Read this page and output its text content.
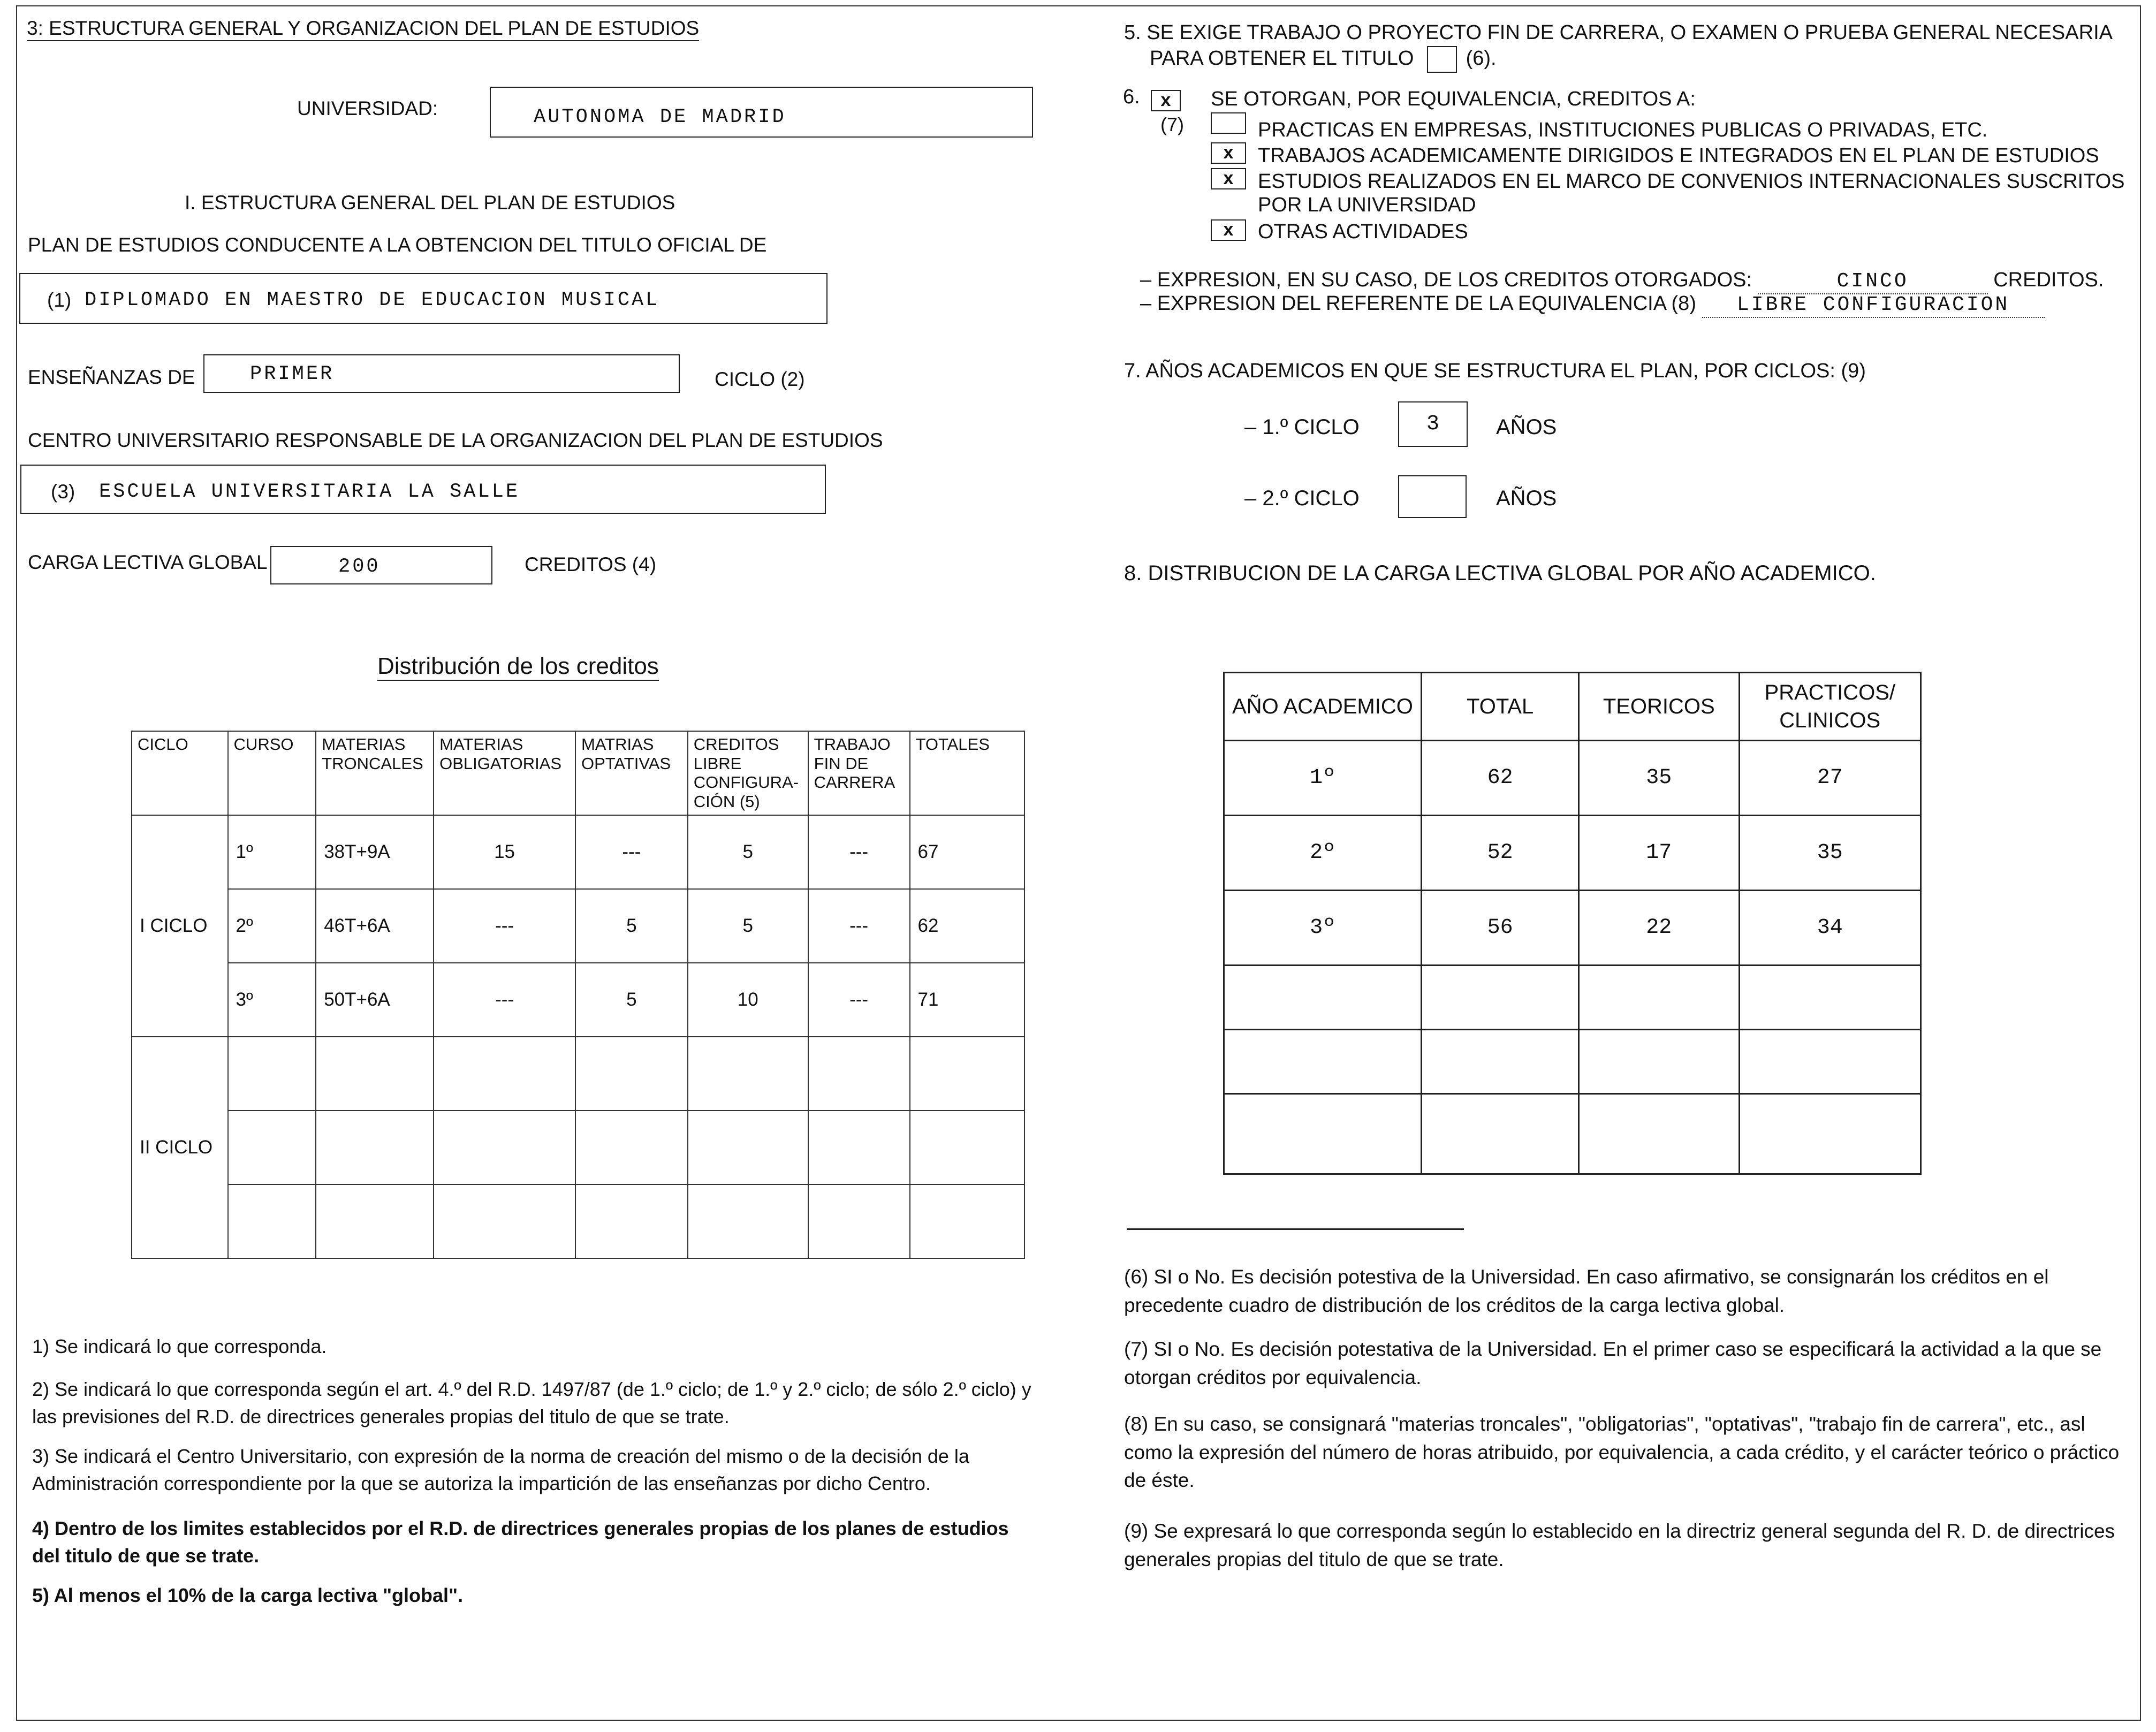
3: ESTRUCTURA GENERAL Y ORGANIZACION DEL PLAN DE ESTUDIOS
UNIVERSIDAD:	AUTONOMA DE MADRID
I. ESTRUCTURA GENERAL DEL PLAN DE ESTUDIOS
PLAN DE ESTUDIOS CONDUCENTE A LA OBTENCION DEL TITULO OFICIAL DE
(1) DIPLOMADO EN MAESTRO DE EDUCACION MUSICAL
ENSEÑANZAS DE	PRIMER	CICLO (2)
CENTRO UNIVERSITARIO RESPONSABLE DE LA ORGANIZACION DEL PLAN DE ESTUDIOS
(3) ESCUELA UNIVERSITARIA LA SALLE
CARGA LECTIVA GLOBAL	200	CREDITOS (4)
Distribución de los creditos
CICLO	CURSO	MATERIAS TRONCALES	MATERIAS OBLIGATORIAS	MATRIAS OPTATIVAS	CREDITOS LIBRE CONFIGURA- CIÓN (5)	TRABAJO FIN DE CARRERA	TOTALES
I CICLO	1º	38T+9A	15	---	5	---	67
	2º	46T+6A	---	5	5	---	62
	3º	50T+6A	---	5	10	---	71
II CICLO							

1) Se indicará lo que corresponda.
2) Se indicará lo que corresponda según el art. 4.º del R.D. 1497/87 (de 1.º ciclo; de 1.º y 2.º ciclo; de sólo 2.º ciclo) y las previsiones del R.D. de directrices generales propias del titulo de que se trate.
3) Se indicará el Centro Universitario, con expresión de la norma de creación del mismo o de la decisión de la Administración correspondiente por la que se autoriza la impartición de las enseñanzas por dicho Centro.
4) Dentro de los limites establecidos por el R.D. de directrices generales propias de los planes de estudios del titulo de que se trate.
5) Al menos el 10% de la carga lectiva "global".
5. SE EXIGE TRABAJO O PROYECTO FIN DE CARRERA, O EXAMEN O PRUEBA GENERAL NECESARIA
PARA OBTENER EL TITULO	(6).
6.	x
(7)
SE OTORGAN, POR EQUIVALENCIA, CREDITOS A:
PRACTICAS EN EMPRESAS, INSTITUCIONES PUBLICAS O PRIVADAS, ETC.
x	TRABAJOS ACADEMICAMENTE DIRIGIDOS E INTEGRADOS EN EL PLAN DE ESTUDIOS
x	ESTUDIOS REALIZADOS EN EL MARCO DE CONVENIOS INTERNACIONALES SUSCRITOS
POR LA UNIVERSIDAD
x	OTRAS ACTIVIDADES
– EXPRESION, EN SU CASO, DE LOS CREDITOS OTORGADOS:	CINCO	CREDITOS.
– EXPRESION DEL REFERENTE DE LA EQUIVALENCIA (8) LIBRE CONFIGURACION
7. AÑOS ACADEMICOS EN QUE SE ESTRUCTURA EL PLAN, POR CICLOS: (9)
– 1.º CICLO	3	AÑOS
– 2.º CICLO	AÑOS
8. DISTRIBUCION DE LA CARGA LECTIVA GLOBAL POR AÑO ACADEMICO.
AÑO ACADEMICO	TOTAL	TEORICOS	PRACTICOS/ CLINICOS
1º	62	35	27
2º	52	17	35
3º	56	22	34

(6) SI o No. Es decisión potestiva de la Universidad. En caso afirmativo, se consignarán los créditos en el precedente cuadro de distribución de los créditos de la carga lectiva global.
(7) SI o No. Es decisión potestativa de la Universidad. En el primer caso se especificará la actividad a la que se otorgan créditos por equivalencia.
(8) En su caso, se consignará "materias troncales", "obligatorias", "optativas", "trabajo fin de carrera", etc., asl como la expresión del número de horas atribuido, por equivalencia, a cada crédito, y el carácter teórico o práctico de éste.
(9) Se expresará lo que corresponda según lo establecido en la directriz general segunda del R. D. de directrices generales propias del titulo de que se trate.
